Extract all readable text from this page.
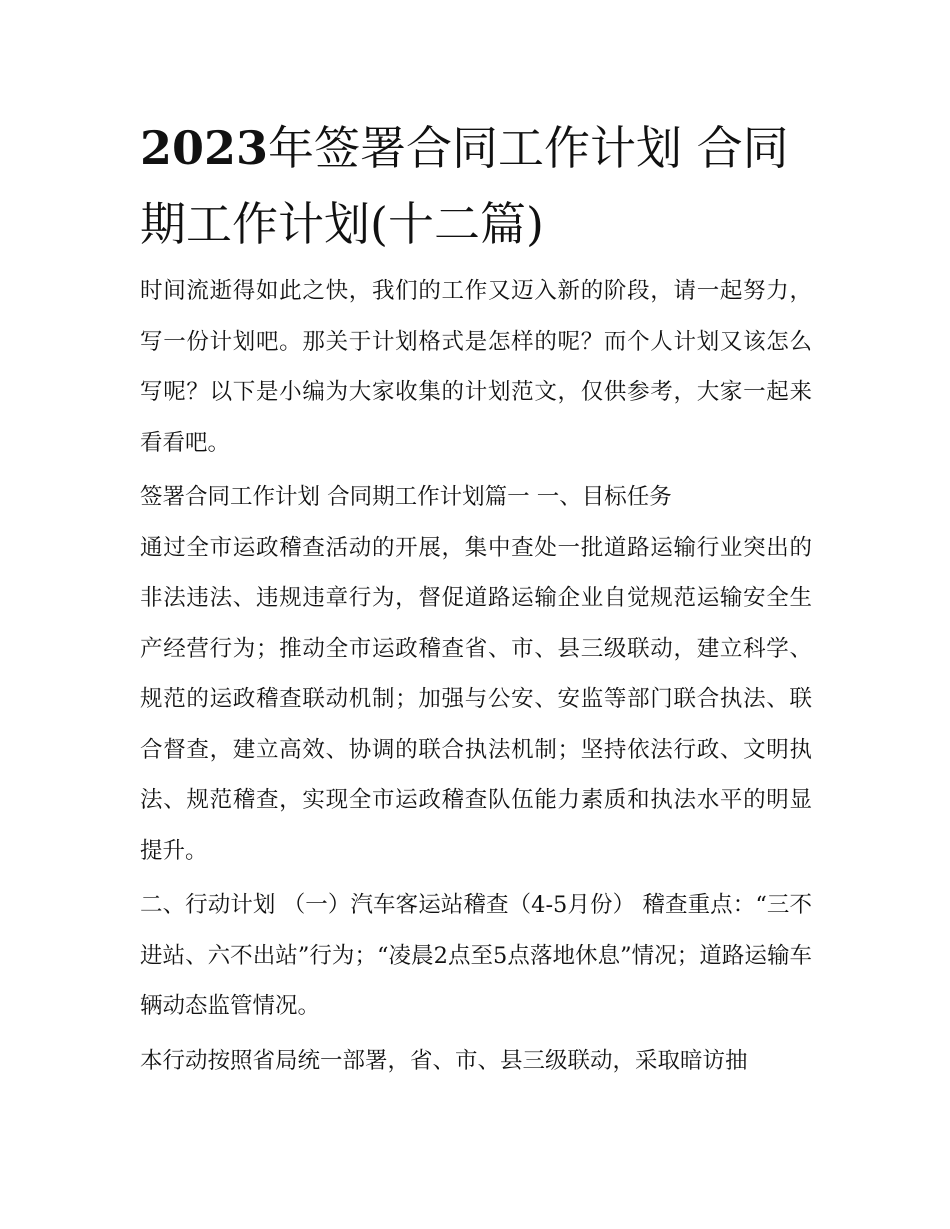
2023年签署合同工作计划 合同期工作计划(十二篇)

时间流逝得如此之快，我们的工作又迈入新的阶段，请一起努力，写一份计划吧。那关于计划格式是怎样的呢？而个人计划又该怎么写呢？以下是小编为大家收集的计划范文，仅供参考，大家一起来看看吧。

签署合同工作计划 合同期工作计划篇一 一、目标任务

通过全市运政稽查活动的开展，集中查处一批道路运输行业突出的非法违法、违规违章行为，督促道路运输企业自觉规范运输安全生产经营行为；推动全市运政稽查省、市、县三级联动，建立科学、规范的运政稽查联动机制；加强与公安、安监等部门联合执法、联合督查，建立高效、协调的联合执法机制；坚持依法行政、文明执法、规范稽查，实现全市运政稽查队伍能力素质和执法水平的明显提升。

二、行动计划 （一）汽车客运站稽查（4-5月份） 稽查重点：“三不进站、六不出站”行为；“凌晨2点至5点落地休息”情况；道路运输车辆动态监管情况。

本行动按照省局统一部署，省、市、县三级联动，采取暗访抽
